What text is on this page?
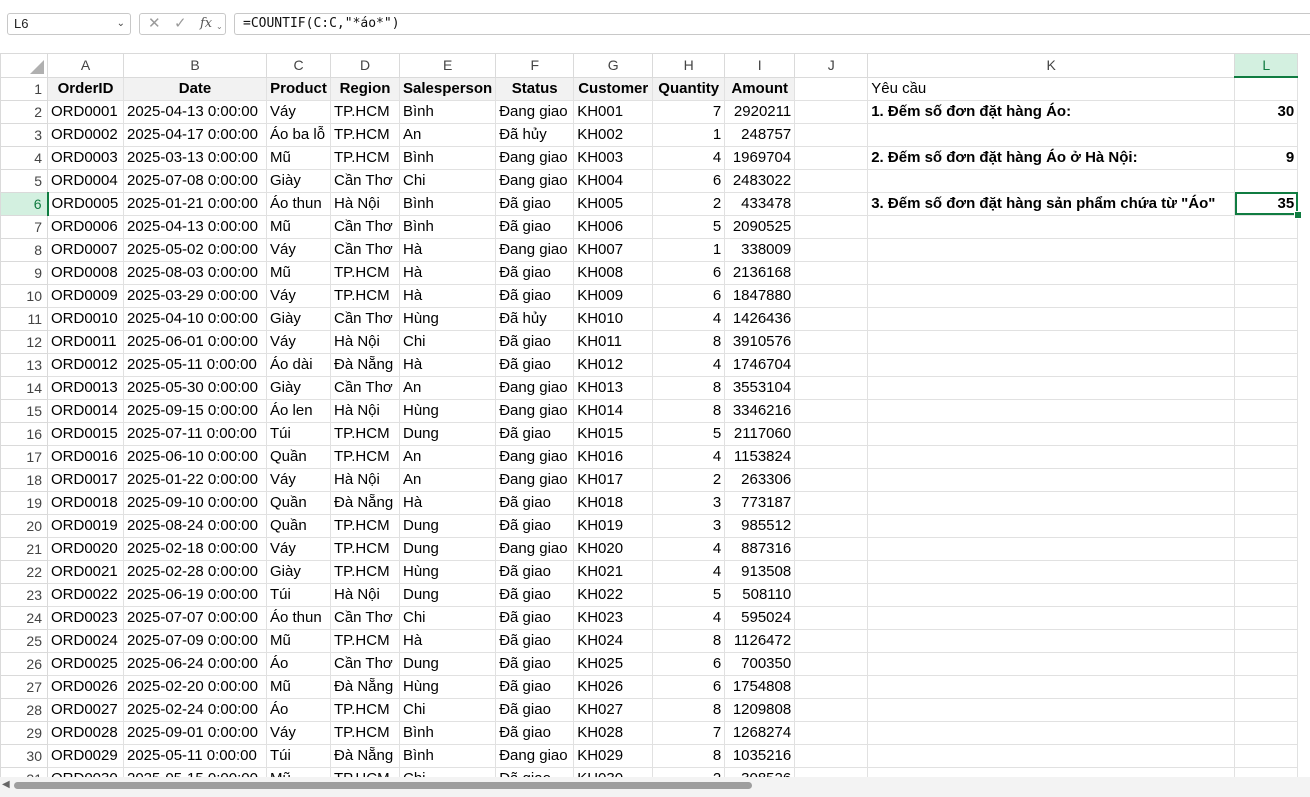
L6	⌄ ✕ ✓ fx ⌄	=COUNTIF(C:C,"*áo*")
	A	B	C	D	E	F	G	H	I	J	K	L
1	OrderID	Date	Product	Region	Salesperson	Status	Customer	Quantity	Amount		Yêu cầu	
2	ORD0001	2025-04-13 0:00:00	Váy	TP.HCM	Bình	Đang giao	KH001	7	2920211		1. Đếm số đơn đặt hàng Áo:	30
3	ORD0002	2025-04-17 0:00:00	Áo ba lỗ	TP.HCM	An	Đã hủy	KH002	1	248757			
4	ORD0003	2025-03-13 0:00:00	Mũ	TP.HCM	Bình	Đang giao	KH003	4	1969704		2. Đếm số đơn đặt hàng Áo ở Hà Nội:	9
5	ORD0004	2025-07-08 0:00:00	Giày	Cần Thơ	Chi	Đang giao	KH004	6	2483022			
6	ORD0005	2025-01-21 0:00:00	Áo thun	Hà Nội	Bình	Đã giao	KH005	2	433478		3. Đếm số đơn đặt hàng sản phẩm chứa từ "Áo"	35
7	ORD0006	2025-04-13 0:00:00	Mũ	Cần Thơ	Bình	Đã giao	KH006	5	2090525			
8	ORD0007	2025-05-02 0:00:00	Váy	Cần Thơ	Hà	Đang giao	KH007	1	338009			
9	ORD0008	2025-08-03 0:00:00	Mũ	TP.HCM	Hà	Đã giao	KH008	6	2136168			
10	ORD0009	2025-03-29 0:00:00	Váy	TP.HCM	Hà	Đã giao	KH009	6	1847880			
11	ORD0010	2025-04-10 0:00:00	Giày	Cần Thơ	Hùng	Đã hủy	KH010	4	1426436			
12	ORD0011	2025-06-01 0:00:00	Váy	Hà Nội	Chi	Đã giao	KH011	8	3910576			
13	ORD0012	2025-05-11 0:00:00	Áo dài	Đà Nẵng	Hà	Đã giao	KH012	4	1746704			
14	ORD0013	2025-05-30 0:00:00	Giày	Cần Thơ	An	Đang giao	KH013	8	3553104			
15	ORD0014	2025-09-15 0:00:00	Áo len	Hà Nội	Hùng	Đang giao	KH014	8	3346216			
16	ORD0015	2025-07-11 0:00:00	Túi	TP.HCM	Dung	Đã giao	KH015	5	2117060			
17	ORD0016	2025-06-10 0:00:00	Quần	TP.HCM	An	Đang giao	KH016	4	1153824			
18	ORD0017	2025-01-22 0:00:00	Váy	Hà Nội	An	Đang giao	KH017	2	263306			
19	ORD0018	2025-09-10 0:00:00	Quần	Đà Nẵng	Hà	Đã giao	KH018	3	773187			
20	ORD0019	2025-08-24 0:00:00	Quần	TP.HCM	Dung	Đã giao	KH019	3	985512			
21	ORD0020	2025-02-18 0:00:00	Váy	TP.HCM	Dung	Đang giao	KH020	4	887316			
22	ORD0021	2025-02-28 0:00:00	Giày	TP.HCM	Hùng	Đã giao	KH021	4	913508			
23	ORD0022	2025-06-19 0:00:00	Túi	Hà Nội	Dung	Đã giao	KH022	5	508110			
24	ORD0023	2025-07-07 0:00:00	Áo thun	Cần Thơ	Chi	Đã giao	KH023	4	595024			
25	ORD0024	2025-07-09 0:00:00	Mũ	TP.HCM	Hà	Đã giao	KH024	8	1126472			
26	ORD0025	2025-06-24 0:00:00	Áo	Cần Thơ	Dung	Đã giao	KH025	6	700350			
27	ORD0026	2025-02-20 0:00:00	Mũ	Đà Nẵng	Hùng	Đã giao	KH026	6	1754808			
28	ORD0027	2025-02-24 0:00:00	Áo	TP.HCM	Chi	Đã giao	KH027	8	1209808			
29	ORD0028	2025-09-01 0:00:00	Váy	TP.HCM	Bình	Đã giao	KH028	7	1268274			
30	ORD0029	2025-05-11 0:00:00	Túi	Đà Nẵng	Bình	Đang giao	KH029	8	1035216			

◀
